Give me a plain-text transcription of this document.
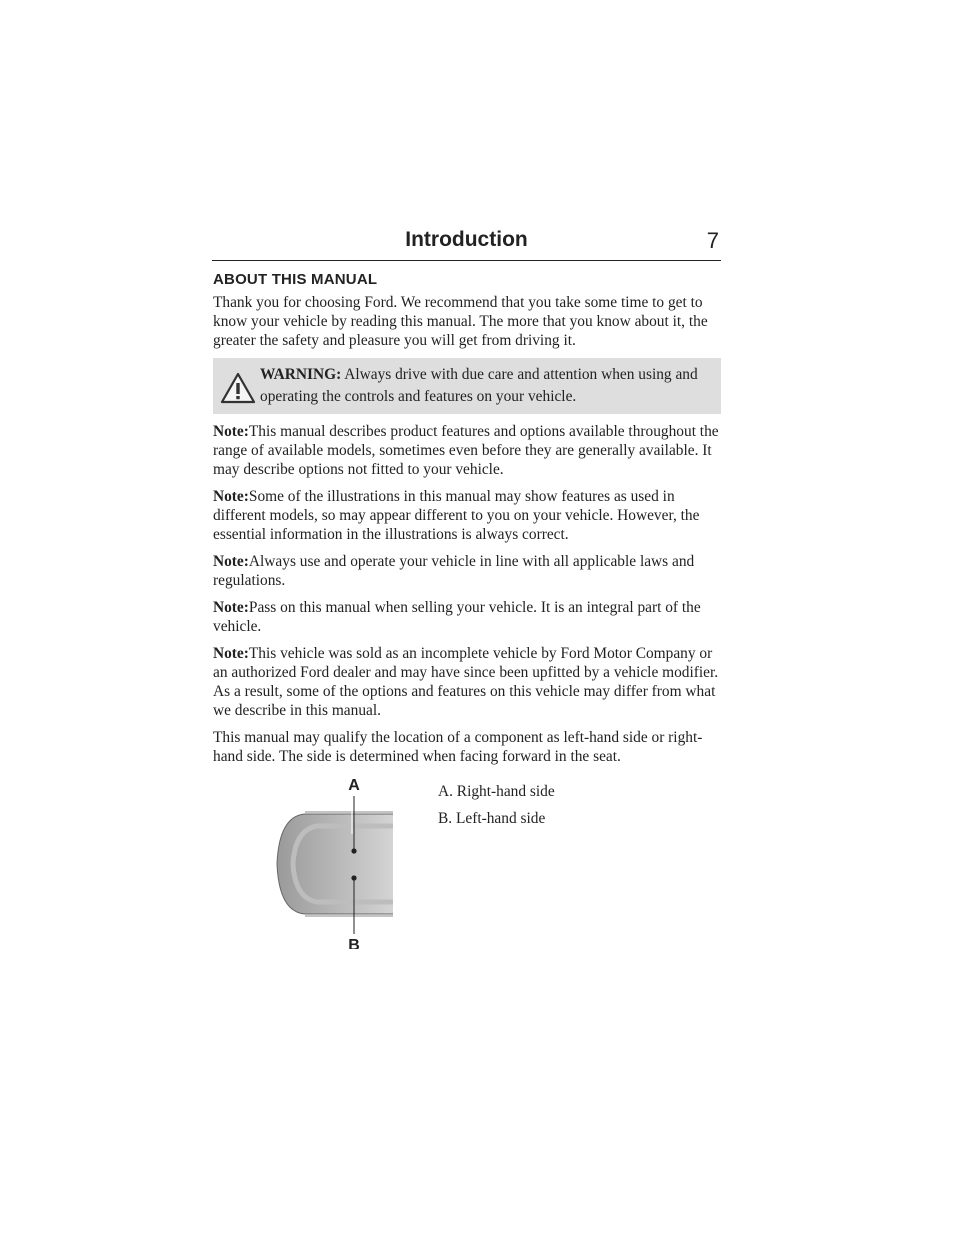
Introduction	7
ABOUT THIS MANUAL

Thank you for choosing Ford. We recommend that you take some time to get to know your vehicle by reading this manual. The more that you know about it, the greater the safety and pleasure you will get from driving it.

WARNING: Always drive with due care and attention when using and operating the controls and features on your vehicle.

Note:This manual describes product features and options available throughout the range of available models, sometimes even before they are generally available. It may describe options not fitted to your vehicle.

Note:Some of the illustrations in this manual may show features as used in different models, so may appear different to you on your vehicle. However, the essential information in the illustrations is always correct.

Note:Always use and operate your vehicle in line with all applicable laws and regulations.

Note:Pass on this manual when selling your vehicle. It is an integral part of the vehicle.

Note:This vehicle was sold as an incomplete vehicle by Ford Motor Company or an authorized Ford dealer and may have since been upfitted by a vehicle modifier. As a result, some of the options and features on this vehicle may differ from what we describe in this manual.

This manual may qualify the location of a component as left-hand side or right-hand side. The side is determined when facing forward in the seat.

A
B
A. Right-hand side
B. Left-hand side
